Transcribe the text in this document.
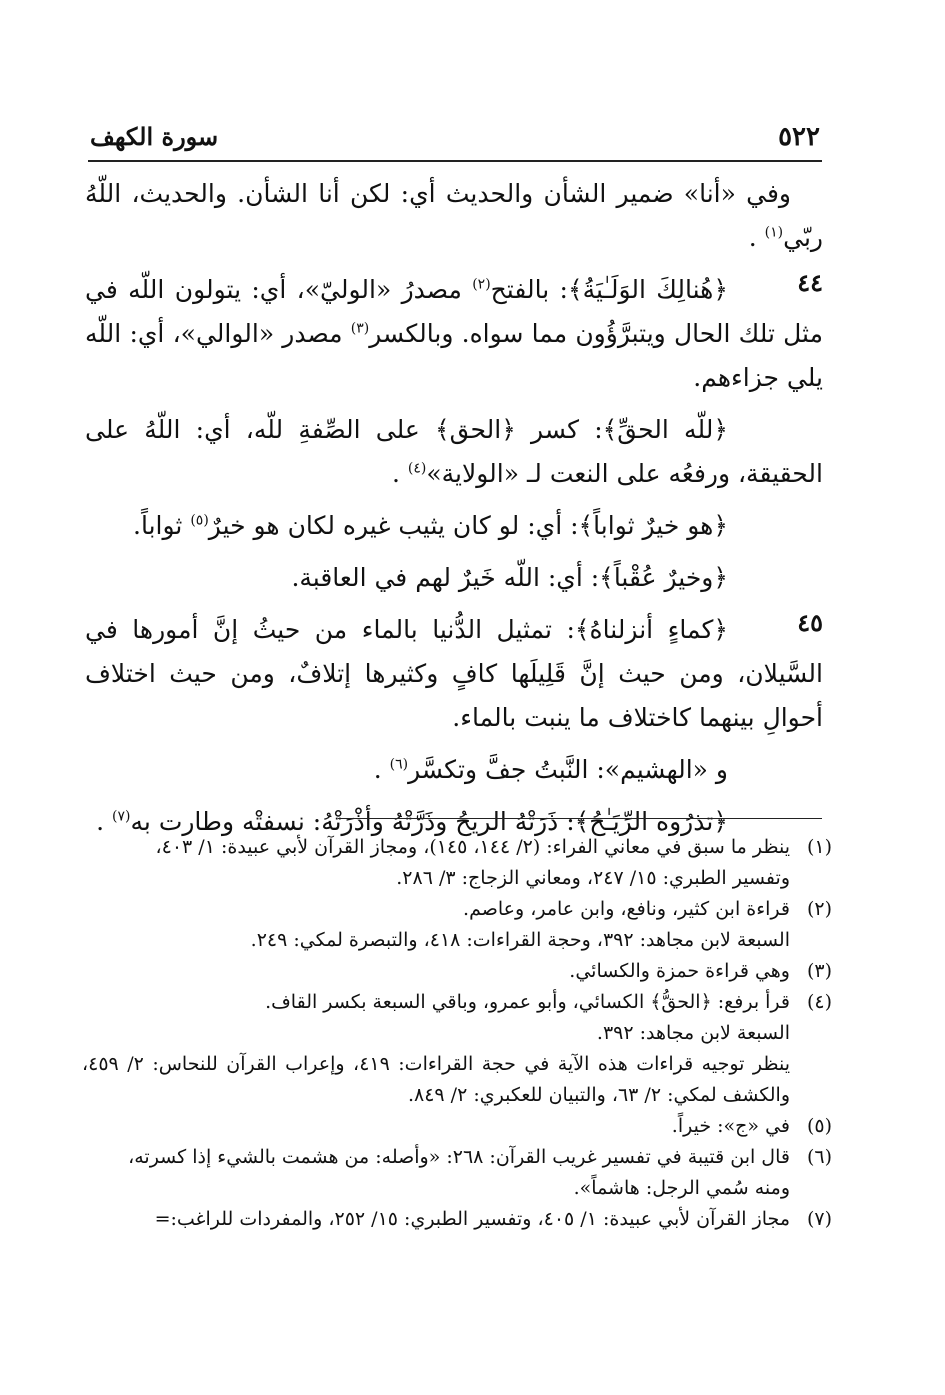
٥٢٢
سورة الكهف

وفي «أنا» ضمير الشأن والحديث أي: لكن أنا الشأن. والحديث، اللّهُ ربّي$^{(١)}$ .

٤٤

﴿هُنالِكَ الوَلَـٰيَةُ﴾: بالفتح$^{(٢)}$ مصدرُ «الوليّ»، أي: يتولون اللّه في مثل تلك الحال ويتبرَّؤُون مما سواه. وبالكسر$^{(٣)}$ مصدر «الوالي»، أي: اللّه يلي جزاءهم.

﴿للّه الحقِّ﴾: كسر ﴿الحق﴾ على الصِّفةِ للّه، أي: اللّهُ على الحقيقة، ورفعُه على النعت لـ «الولاية»$^{(٤)}$ .

﴿هو خيرٌ ثواباً﴾: أي: لو كان يثيب غيره لكان هو خيرٌ$^{(٥)}$ ثواباً.

﴿وخيرٌ عُقْباً﴾: أي: اللّه خَيرٌ لهم في العاقبة.

٤٥

﴿كماءٍ أنزلناهُ﴾: تمثيل الدُّنيا بالماء من حيثُ إنَّ أمورها في السَّيلان، ومن حيث إنَّ قَلِيلَها كافٍ وكثيرها إتلافٌ، ومن حيث اختلاف أحوالِ بينهما كاختلاف ما ينبت بالماء.

و «الهشيم»: النَّبتُ جفَّ وتكسَّر$^{(٦)}$ .

﴿تذرُوه الرِّيَـٰحُ﴾: ذَرَتْهُ الريحُ وذَرَّتْهُ وأذْرَتْهُ: نسفتْه وطارت به$^{(٧)}$ .

(١)
ينظر ما سبق في معاني الفراء: (٢/ ١٤٤، ١٤٥)، ومجاز القرآن لأبي عبيدة: ١/ ٤٠٣،
وتفسير الطبري: ١٥/ ٢٤٧، ومعاني الزجاج: ٣/ ٢٨٦.
(٢)
قراءة ابن كثير، ونافع، وابن عامر، وعاصم.
السبعة لابن مجاهد: ٣٩٢، وحجة القراءات: ٤١٨، والتبصرة لمكي: ٢٤٩.
(٣)
وهي قراءة حمزة والكسائي.
(٤)
قرأ برفع: ﴿الحقُّ﴾ الكسائي، وأبو عمرو، وباقي السبعة بكسر القاف.
السبعة لابن مجاهد: ٣٩٢.
ينظر توجيه قراءات هذه الآية في حجة القراءات: ٤١٩، وإعراب القرآن للنحاس: ٢/ ٤٥٩، والكشف لمكي: ٢/ ٦٣، والتبيان للعكبري: ٢/ ٨٤٩.
(٥)
في «ج»: خيراً.
(٦)
قال ابن قتيبة في تفسير غريب القرآن: ٢٦٨: «وأصله: من هشمت بالشيء إذا كسرته،
ومنه سُمي الرجل: هاشماً».
(٧)
مجاز القرآن لأبي عبيدة: ١/ ٤٠٥، وتفسير الطبري: ١٥/ ٢٥٢، والمفردات للراغب:=
